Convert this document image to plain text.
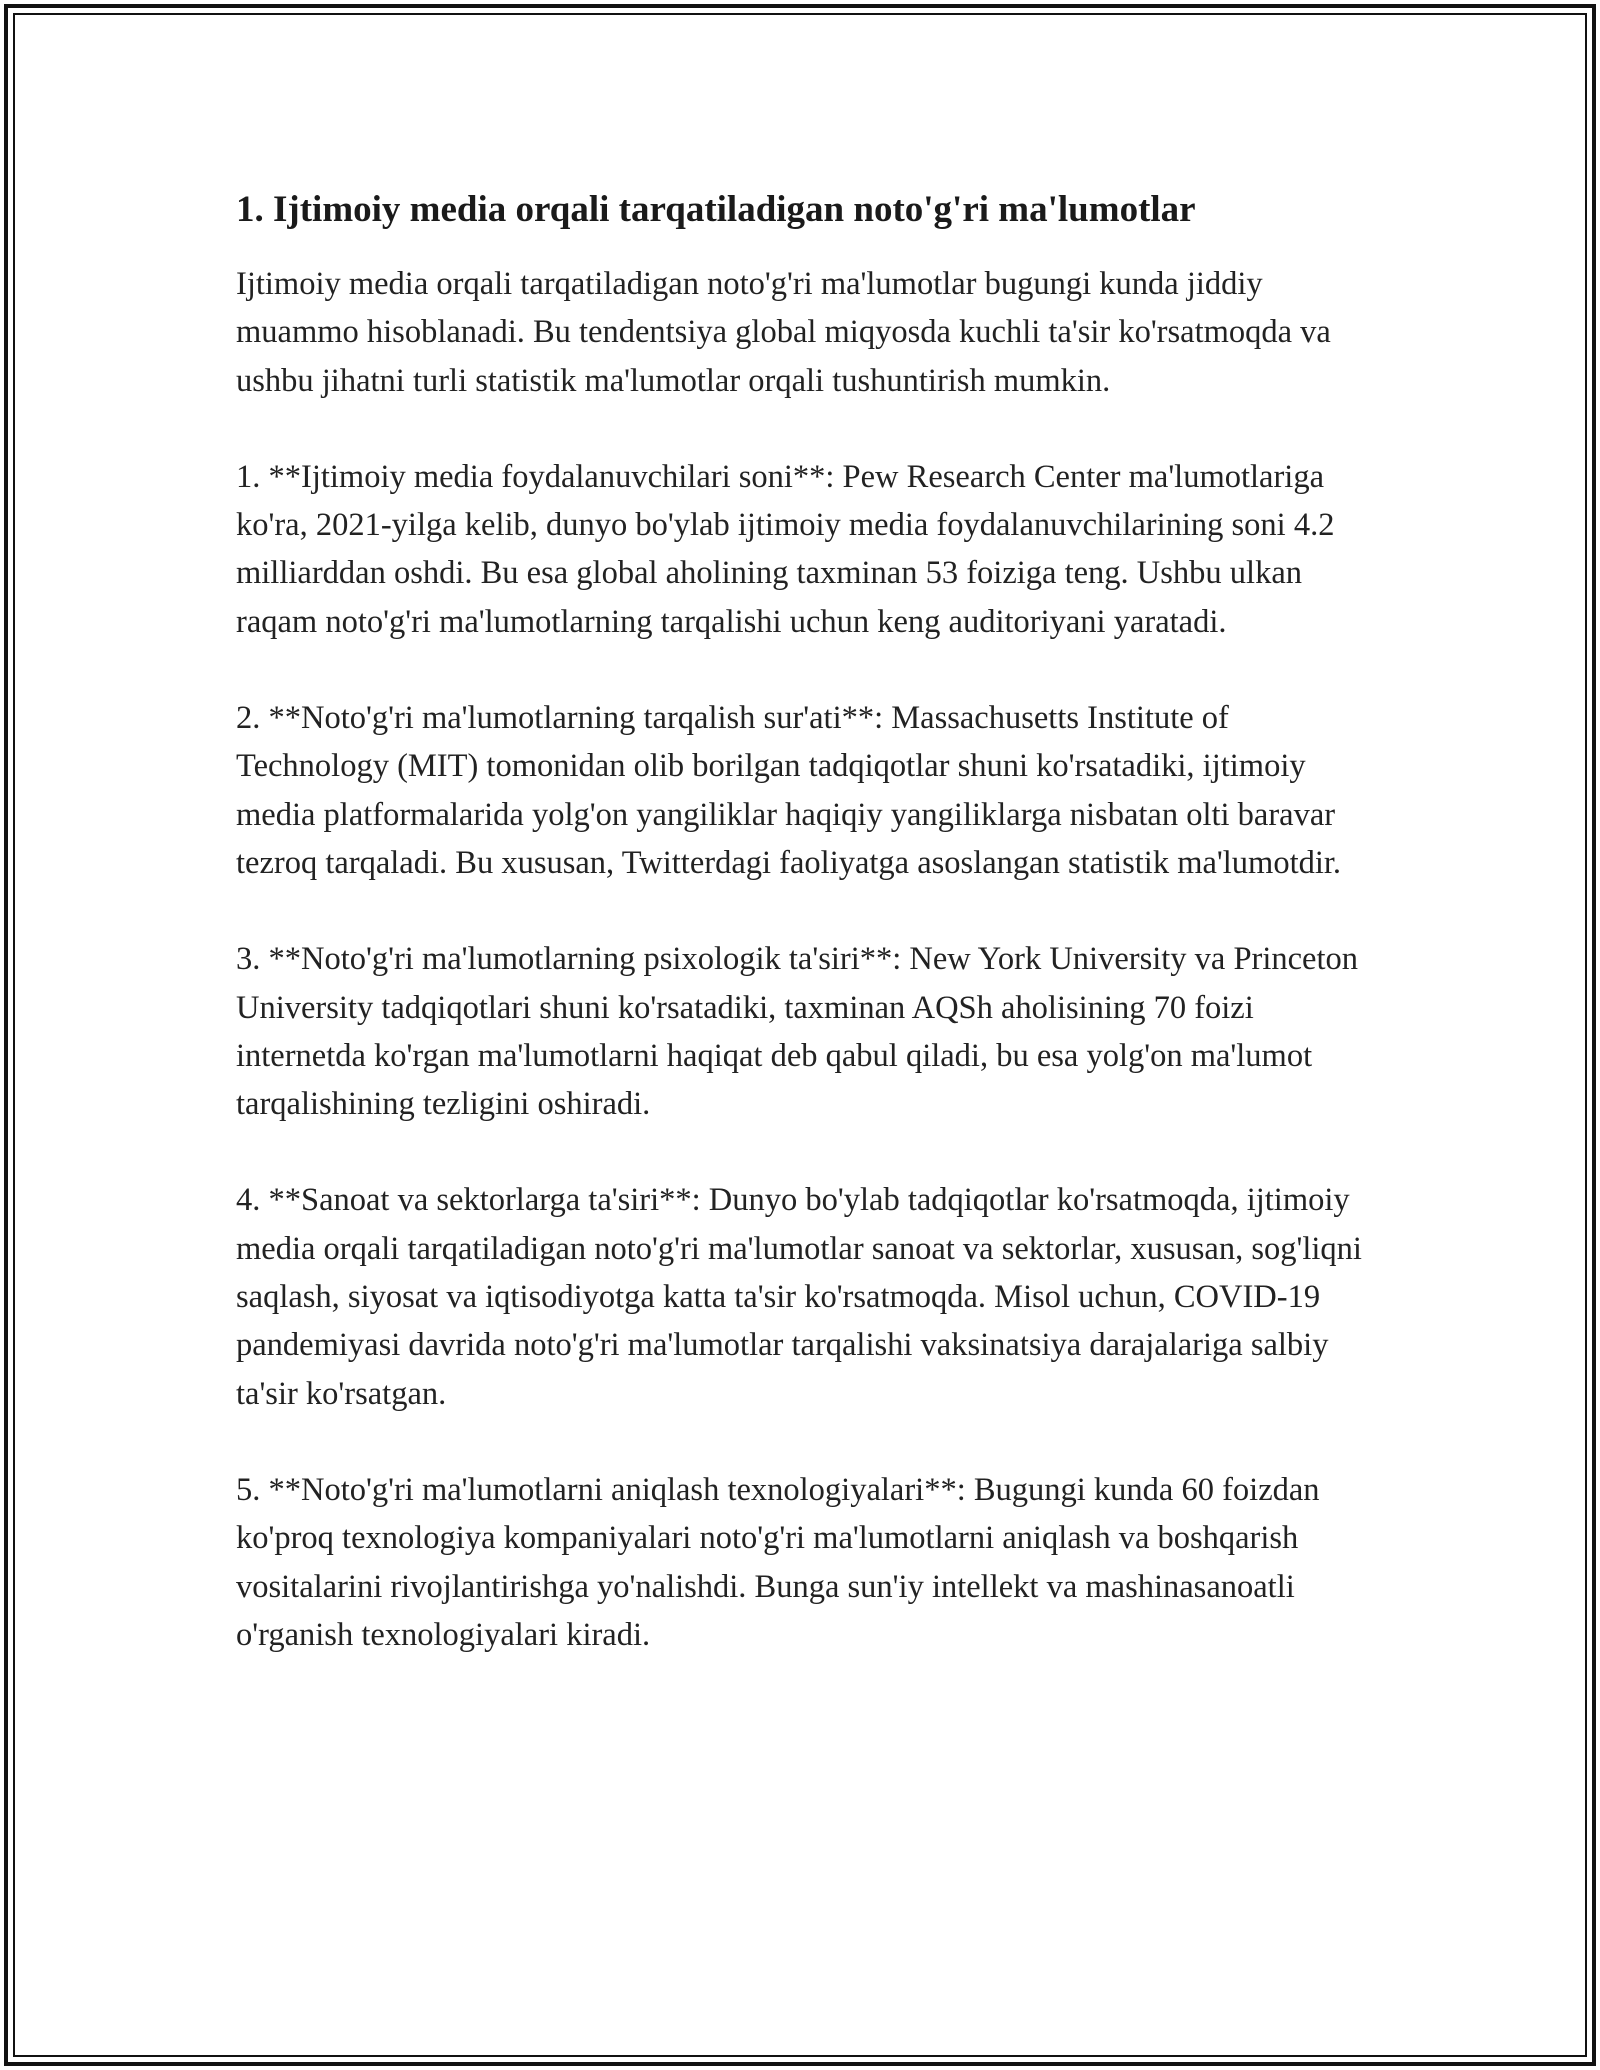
1. Ijtimoiy media orqali tarqatiladigan noto'g'ri ma'lumotlar

Ijtimoiy media orqali tarqatiladigan noto'g'ri ma'lumotlar bugungi kunda jiddiy muammo hisoblanadi. Bu tendentsiya global miqyosda kuchli ta'sir ko'rsatmoqda va ushbu jihatni turli statistik ma'lumotlar orqali tushuntirish mumkin.

1. **Ijtimoiy media foydalanuvchilari soni**: Pew Research Center ma'lumotlariga ko'ra, 2021-yilga kelib, dunyo bo'ylab ijtimoiy media foydalanuvchilarining soni 4.2 milliarddan oshdi. Bu esa global aholining taxminan 53 foiziga teng. Ushbu ulkan raqam noto'g'ri ma'lumotlarning tarqalishi uchun keng auditoriyani yaratadi.

2. **Noto'g'ri ma'lumotlarning tarqalish sur'ati**: Massachusetts Institute of Technology (MIT) tomonidan olib borilgan tadqiqotlar shuni ko'rsatadiki, ijtimoiy media platformalarida yolg'on yangiliklar haqiqiy yangiliklarga nisbatan olti baravar tezroq tarqaladi. Bu xususan, Twitterdagi faoliyatga asoslangan statistik ma'lumotdir.

3. **Noto'g'ri ma'lumotlarning psixologik ta'siri**: New York University va Princeton University tadqiqotlari shuni ko'rsatadiki, taxminan AQSh aholisining 70 foizi internetda ko'rgan ma'lumotlarni haqiqat deb qabul qiladi, bu esa yolg'on ma'lumot tarqalishining tezligini oshiradi.

4. **Sanoat va sektorlarga ta'siri**: Dunyo bo'ylab tadqiqotlar ko'rsatmoqda, ijtimoiy media orqali tarqatiladigan noto'g'ri ma'lumotlar sanoat va sektorlar, xususan, sog'liqni saqlash, siyosat va iqtisodiyotga katta ta'sir ko'rsatmoqda. Misol uchun, COVID-19 pandemiyasi davrida noto'g'ri ma'lumotlar tarqalishi vaksinatsiya darajalariga salbiy ta'sir ko'rsatgan.

5. **Noto'g'ri ma'lumotlarni aniqlash texnologiyalari**: Bugungi kunda 60 foizdan ko'proq texnologiya kompaniyalari noto'g'ri ma'lumotlarni aniqlash va boshqarish vositalarini rivojlantirishga yo'nalishdi. Bunga sun'iy intellekt va mashinasanoatli o'rganish texnologiyalari kiradi.
